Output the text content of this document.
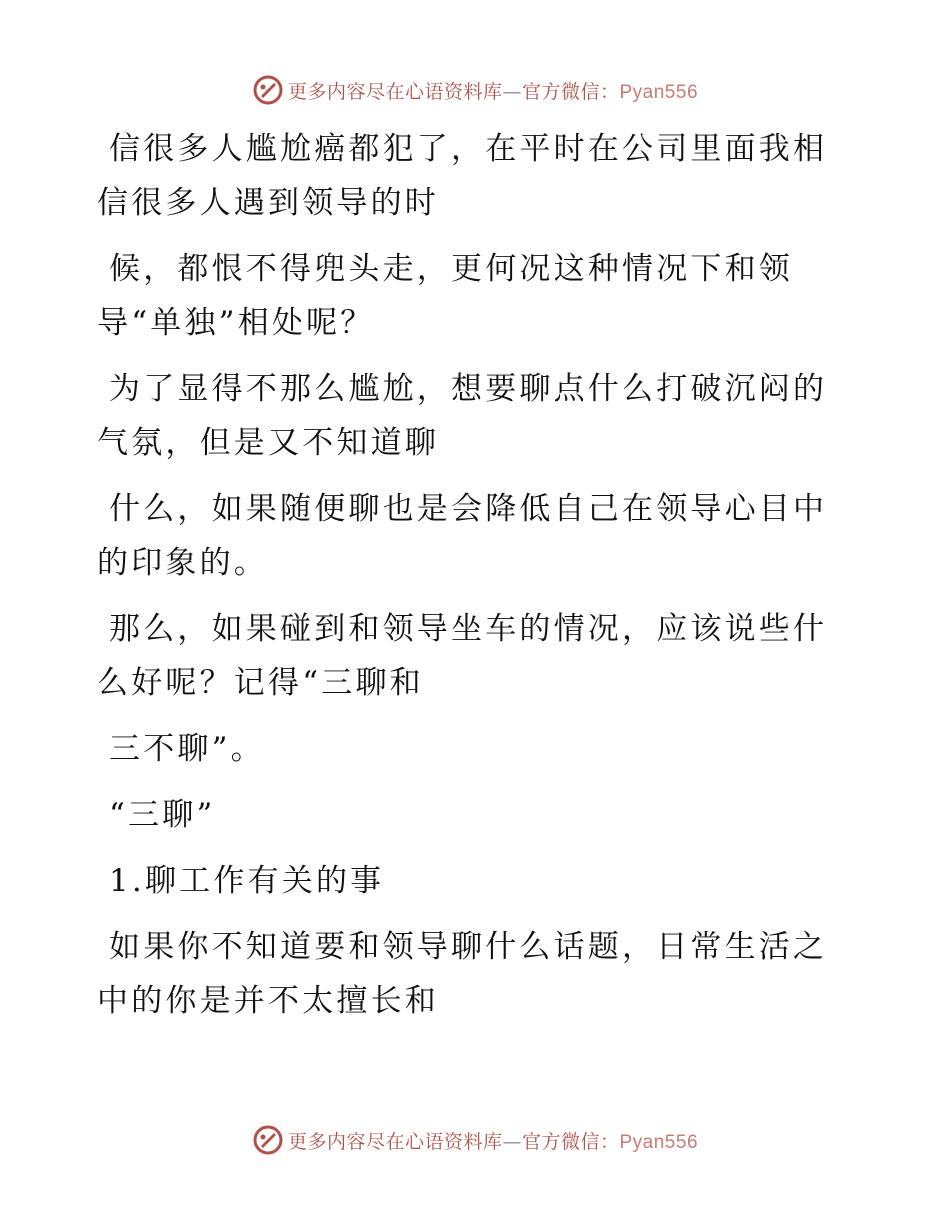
更多内容尽在心语资料库—官方微信：Pyan556

信很多人尴尬癌都犯了，在平时在公司里面我相
信很多人遇到领导的时

候，都恨不得兜头走，更何况这种情况下和领
导“单独”相处呢？

为了显得不那么尴尬，想要聊点什么打破沉闷的
气氛，但是又不知道聊

什么，如果随便聊也是会降低自己在领导心目中
的印象的。

那么，如果碰到和领导坐车的情况，应该说些什
么好呢？记得“三聊和

三不聊”。

“三聊”

1.聊工作有关的事

如果你不知道要和领导聊什么话题，日常生活之
中的你是并不太擅长和

更多内容尽在心语资料库—官方微信：Pyan556
